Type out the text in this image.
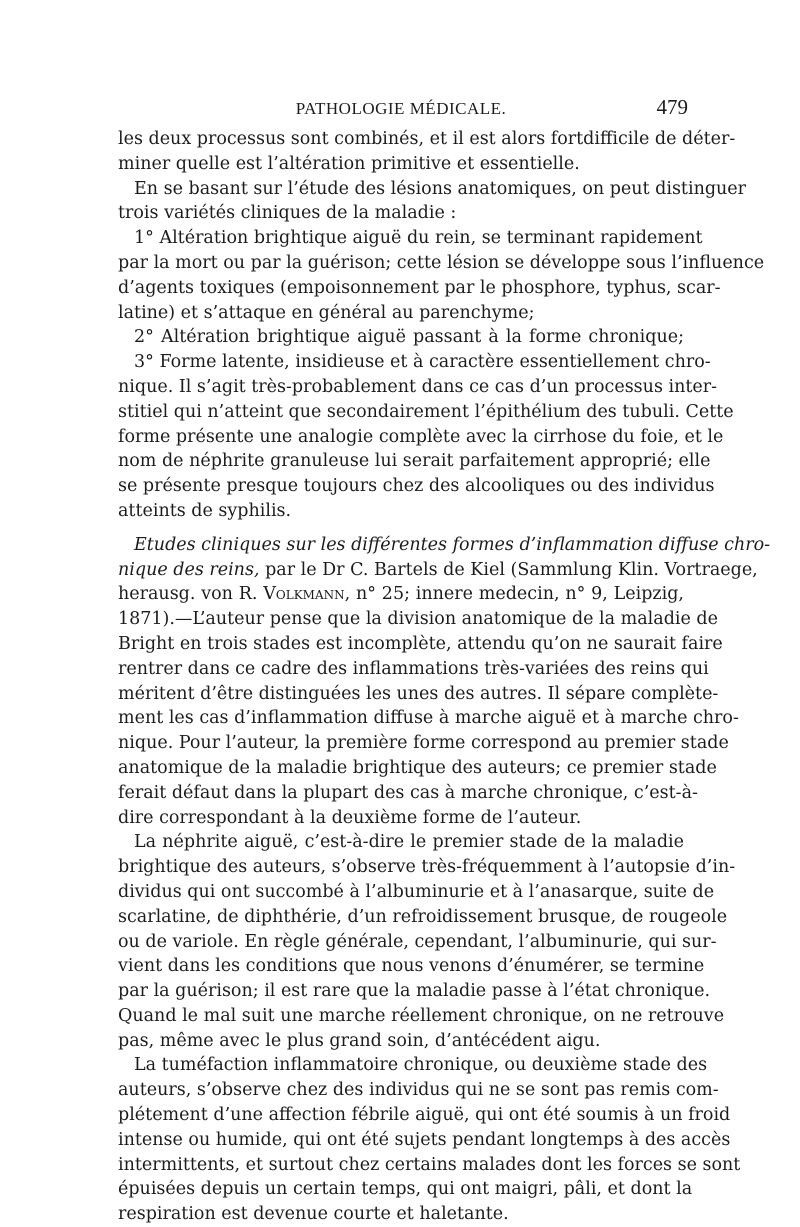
PATHOLOGIE MÉDICALE.	479
les deux processus sont combinés, et il est alors fortdifficile de déter-
miner quelle est l’altération primitive et essentielle.
En se basant sur l’étude des lésions anatomiques, on peut distinguer
trois variétés cliniques de la maladie :
1° Altération brightique aiguë du rein, se terminant rapidement
par la mort ou par la guérison; cette lésion se développe sous l’influence
d’agents toxiques (empoisonnement par le phosphore, typhus, scar-
latine) et s’attaque en général au parenchyme;
2° Altération brightique aiguë passant à la forme chronique;
3° Forme latente, insidieuse et à caractère essentiellement chro-
nique. Il s’agit très-probablement dans ce cas d’un processus inter-
stitiel qui n’atteint que secondairement l’épithélium des tubuli. Cette
forme présente une analogie complète avec la cirrhose du foie, et le
nom de néphrite granuleuse lui serait parfaitement approprié; elle
se présente presque toujours chez des alcooliques ou des individus
atteints de syphilis.
Etudes cliniques sur les différentes formes d’inflammation diffuse chro-
nique des reins, par le Dr C. Bartels de Kiel (Sammlung Klin. Vortraege,
herausg. von R. Volkmann, n° 25; innere medecin, n° 9, Leipzig,
1871).—L’auteur pense que la division anatomique de la maladie de
Bright en trois stades est incomplète, attendu qu’on ne saurait faire
rentrer dans ce cadre des inflammations très-variées des reins qui
méritent d’être distinguées les unes des autres. Il sépare complète-
ment les cas d’inflammation diffuse à marche aiguë et à marche chro-
nique. Pour l’auteur, la première forme correspond au premier stade
anatomique de la maladie brightique des auteurs; ce premier stade
ferait défaut dans la plupart des cas à marche chronique, c’est-à-
dire correspondant à la deuxième forme de l’auteur.
La néphrite aiguë, c’est-à-dire le premier stade de la maladie
brightique des auteurs, s’observe très-fréquemment à l’autopsie d’in-
dividus qui ont succombé à l’albuminurie et à l’anasarque, suite de
scarlatine, de diphthérie, d’un refroidissement brusque, de rougeole
ou de variole. En règle générale, cependant, l’albuminurie, qui sur-
vient dans les conditions que nous venons d’énumérer, se termine
par la guérison; il est rare que la maladie passe à l’état chronique.
Quand le mal suit une marche réellement chronique, on ne retrouve
pas, même avec le plus grand soin, d’antécédent aigu.
La tuméfaction inflammatoire chronique, ou deuxième stade des
auteurs, s’observe chez des individus qui ne se sont pas remis com-
plétement d’une affection fébrile aiguë, qui ont été soumis à un froid
intense ou humide, qui ont été sujets pendant longtemps à des accès
intermittents, et surtout chez certains malades dont les forces se sont
épuisées depuis un certain temps, qui ont maigri, pâli, et dont la
respiration est devenue courte et haletante.
